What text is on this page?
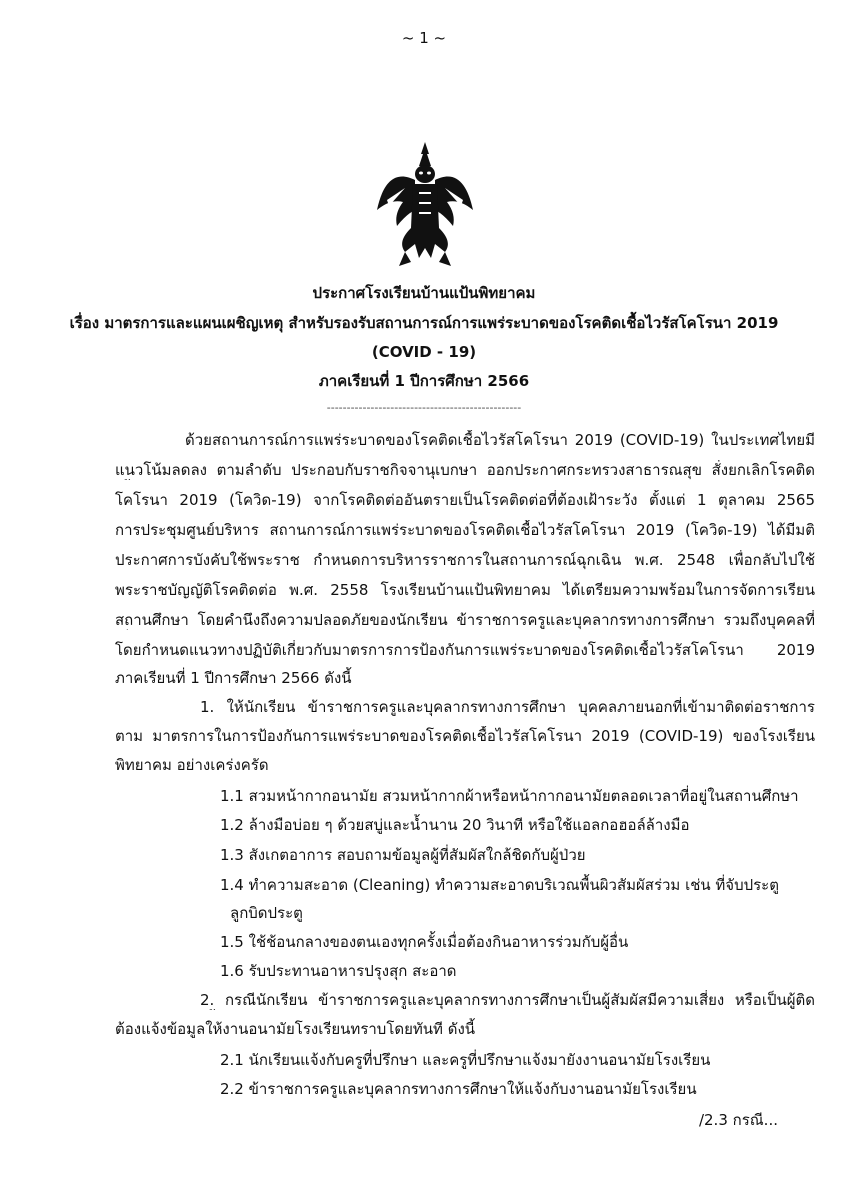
~ 1 ~
ประกาศโรงเรียนบ้านแป้นพิทยาคม
เรื่อง มาตรการและแผนเผชิญเหตุ สำหรับรองรับสถานการณ์การแพร่ระบาดของโรคติดเชื้อไวรัสโคโรนา 2019
(COVID - 19)
ภาคเรียนที่ 1 ปีการศึกษา 2566
-------------------------------------------------
ด้วยสถานการณ์การแพร่ระบาดของโรคติดเชื้อไวรัสโคโรนา 2019 (COVID-19) ในประเทศไทยมี
แนวโน้มลดลง ตามลำดับ ประกอบกับราชกิจจานุเบกษา ออกประกาศกระทรวงสาธารณสุข สั่งยกเลิกโรคติด
โคโรนา 2019 (โควิด-19) จากโรคติดต่ออันตรายเป็นโรคติดต่อที่ต้องเฝ้าระวัง ตั้งแต่ 1 ตุลาคม 2565
การประชุมศูนย์บริหาร สถานการณ์การแพร่ระบาดของโรคติดเชื้อไวรัสโคโรนา 2019 (โควิด-19) ได้มีมติ
ประกาศการบังคับใช้พระราช กำหนดการบริหารราชการในสถานการณ์ฉุกเฉิน พ.ศ. 2548 เพื่อกลับไปใช้
พระราชบัญญัติโรคติดต่อ พ.ศ. 2558 โรงเรียนบ้านแป้นพิทยาคม ได้เตรียมความพร้อมในการจัดการเรียน
สถานศึกษา โดยคำนึงถึงความปลอดภัยของนักเรียน ข้าราชการครูและบุคลากรทางการศึกษา รวมถึงบุคคลที่
โดยกำหนดแนวทางปฏิบัติเกี่ยวกับมาตรการการป้องกันการแพร่ระบาดของโรคติดเชื้อไวรัสโคโรนา 2019
ภาคเรียนที่ 1 ปีการศึกษา 2566 ดังนี้
1. ให้นักเรียน ข้าราชการครูและบุคลากรทางการศึกษา บุคคลภายนอกที่เข้ามาติดต่อราชการ
ตาม มาตรการในการป้องกันการแพร่ระบาดของโรคติดเชื้อไวรัสโคโรนา 2019 (COVID-19) ของโรงเรียน
พิทยาคม อย่างเคร่งครัด
1.1 สวมหน้ากากอนามัย สวมหน้ากากผ้าหรือหน้ากากอนามัยตลอดเวลาที่อยู่ในสถานศึกษา
1.2 ล้างมือบ่อย ๆ ด้วยสบู่และน้ำนาน 20 วินาที หรือใช้แอลกอฮอล์ล้างมือ
1.3 สังเกตอาการ สอบถามข้อมูลผู้ที่สัมผัสใกล้ชิดกับผู้ป่วย
1.4 ทำความสะอาด (Cleaning) ทำความสะอาดบริเวณพื้นผิวสัมผัสร่วม เช่น ที่จับประตู
ลูกบิดประตู
1.5 ใช้ช้อนกลางของตนเองทุกครั้งเมื่อต้องกินอาหารร่วมกับผู้อื่น
1.6 รับประทานอาหารปรุงสุก สะอาด
2. กรณีนักเรียน ข้าราชการครูและบุคลากรทางการศึกษาเป็นผู้สัมผัสมีความเสี่ยง หรือเป็นผู้ติด
ต้องแจ้งข้อมูลให้งานอนามัยโรงเรียนทราบโดยทันที ดังนี้
2.1 นักเรียนแจ้งกับครูที่ปรึกษา และครูที่ปรึกษาแจ้งมายังงานอนามัยโรงเรียน
2.2 ข้าราชการครูและบุคลากรทางการศึกษาให้แจ้งกับงานอนามัยโรงเรียน
/2.3 กรณี...
